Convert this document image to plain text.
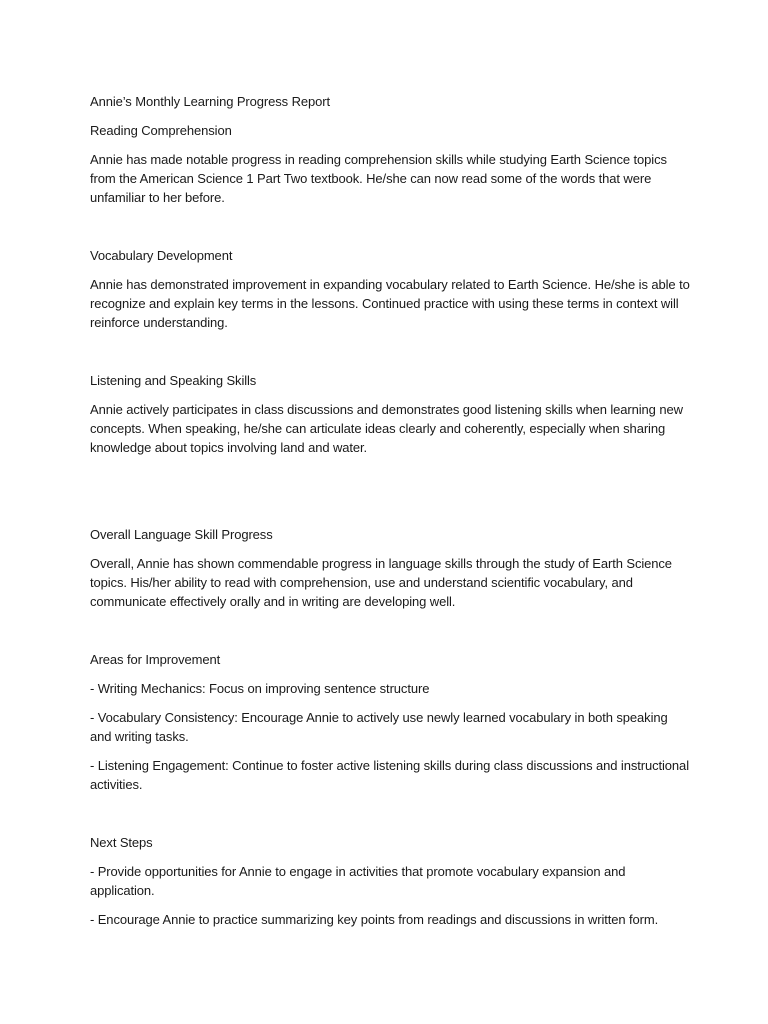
Annie’s Monthly Learning Progress Report

Reading Comprehension

Annie has made notable progress in reading comprehension skills while studying Earth Science topics from the American Science 1 Part Two textbook. He/she can now read some of the words that were unfamiliar to her before.

Vocabulary Development

Annie has demonstrated improvement in expanding vocabulary related to Earth Science. He/she is able to recognize and explain key terms in the lessons. Continued practice with using these terms in context will reinforce understanding.

Listening and Speaking Skills

Annie actively participates in class discussions and demonstrates good listening skills when learning new concepts. When speaking, he/she can articulate ideas clearly and coherently, especially when sharing knowledge about topics involving land and water.

Overall Language Skill Progress

Overall, Annie has shown commendable progress in language skills through the study of Earth Science topics. His/her ability to read with comprehension, use and understand scientific vocabulary, and communicate effectively orally and in writing are developing well.

Areas for Improvement

- Writing Mechanics: Focus on improving sentence structure

- Vocabulary Consistency: Encourage Annie to actively use newly learned vocabulary in both speaking and writing tasks.

- Listening Engagement: Continue to foster active listening skills during class discussions and instructional activities.

Next Steps

- Provide opportunities for Annie to engage in activities that promote vocabulary expansion and application.

- Encourage Annie to practice summarizing key points from readings and discussions in written form.
